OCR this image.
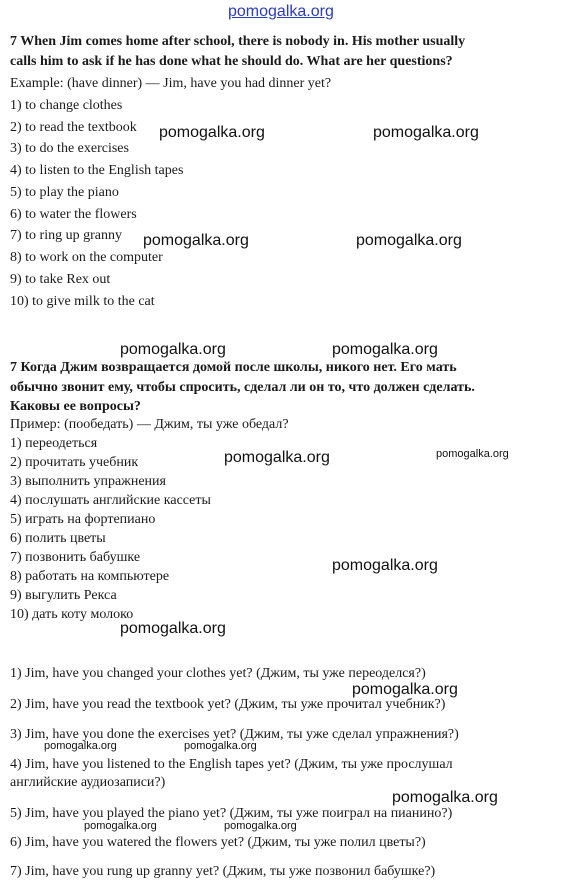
pomogalka.org
7 When Jim comes home after school, there is nobody in. His mother usually
calls him to ask if he has done what he should do. What are her questions?
Example: (have dinner) — Jim, have you had dinner yet?
1) to change clothes
2) to read the textbook
3) to do the exercises
4) to listen to the English tapes
5) to play the piano
6) to water the flowers
7) to ring up granny
8) to work on the computer
9) to take Rex out
10) to give milk to the cat
7 Когда Джим возвращается домой после школы, никого нет. Его мать
обычно звонит ему, чтобы спросить, сделал ли он то, что должен сделать.
Каковы ее вопросы?
Пример: (пообедать) — Джим, ты уже обедал?
1) переодеться
2) прочитать учебник
3) выполнить упражнения
4) послушать английские кассеты
5) играть на фортепиано
6) полить цветы
7) позвонить бабушке
8) работать на компьютере
9) выгулить Рекса
10) дать коту молоко
1) Jim, have you changed your clothes yet? (Джим, ты уже переоделся?)
2) Jim, have you read the textbook yet? (Джим, ты уже прочитал учебник?)
3) Jim, have you done the exercises yet? (Джим, ты уже сделал упражнения?)
4) Jim, have you listened to the English tapes yet? (Джим, ты уже прослушал
английские аудиозаписи?)
5) Jim, have you played the piano yet? (Джим, ты уже поиграл на пианино?)
6) Jim, have you watered the flowers yet? (Джим, ты уже полил цветы?)
7) Jim, have you rung up granny yet? (Джим, ты уже позвонил бабушке?)
pomogalka.org	pomogalka.org
pomogalka.org	pomogalka.org
pomogalka.org	pomogalka.org
pomogalka.org	pomogalka.org
pomogalka.org
pomogalka.org
pomogalka.org
pomogalka.org	pomogalka.org
pomogalka.org
pomogalka.org	pomogalka.org
